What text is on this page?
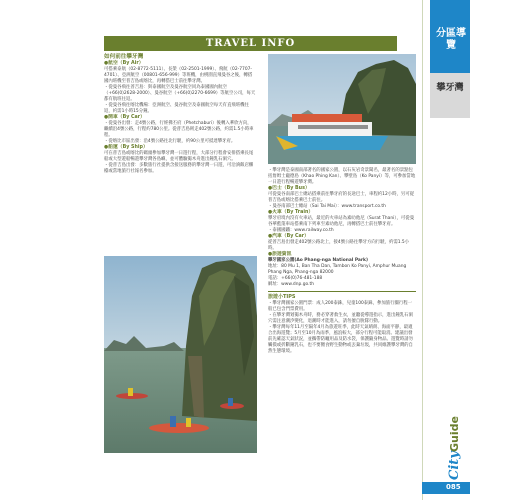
TRAVEL INFO
分區導覽
攀牙灣
如何前往攀牙灣
●航空（By Air）
可搭乘泰航（02-8772-5111）、長榮（02-2501-1999）、飛航（02-7707-4701）、亞洲航空（00801-656-999）等班機，由桃園直飛曼谷之後，轉搭國內班機至普吉島或喀比，再轉搭巴士前往攀牙灣。
・從曼谷飛往普吉島：與泰國航空及曼谷航空同為泰國國內航空（+66(0)2628-2000）、曼谷航空（+66(0)2270-6699）等航空公司，每天都有航班往返。
・從曼谷飛往喀比機場：亞洲航空、曼谷航空及泰國航空每天有直飛班機往返，約需1小時15分鐘。
●開車（By Car）
・從曼谷出發：走4號公路，行經佛丕府（Phetchaburi）後轉入華欣方向，繼續沿4號公路，行程約780公里。從普吉島則走402號公路，約需1.5小時車程。
・從喀比市區出發：沿4號公路往北行駛，約90公里可抵達攀牙府。
●船運（By Ship）
可在普吉島或喀比的碼頭參加攀牙灣一日遊行程，大部分行程會安排搭乘長尾船或大型遊船暢遊攀牙灣各島嶼，並可體驗獨木舟進出鐘乳石洞穴。
・從普吉島出發：多數旅行社提供含接送服務的攀牙灣一日遊，可洽詢飯店櫃檯或當地旅行社報名參加。	・攀牙灣是泰國南部著名的國家公園，以石灰岩奇景聞名，最著名的景點包括詹姆士龐德島（Khao Phing Kan）、攀壁島（Ko Panyi）等，可參加當地一日遊行程暢遊攀牙灣。
●巴士（By Bus）
可從曼谷南部巴士總站搭乘前往攀牙府的長途巴士，車程約12小時，另可從普吉島或喀比搭乘巴士前往。
・曼谷南部巴士總站（Sai Tai Mai）：www.transport.co.th
●火車（By Train）
攀牙府境內沒有火車站，最近的火車站為素叻他尼（Surat Thani），可從曼谷華藍蓬車站搭乘南下列車至素叻他尼，再轉搭巴士前往攀牙府。
・泰國國鐵：www.railway.co.th
●汽車（By Car）
從普吉島出發走402號公路北上，接4號公路往攀牙方向行駛，約需1.5小時。
●旅遊資訊
攀牙國家公園(Ao Phang-nga National Park)
地址：80 Mu 1, Ban Tha Dan, Tambon Ko Panyi, Amphur Muang Phang Nga, Phang-nga 82000
電話：+66(0)76-481-188
網址：www.dnp.go.th
旅遊小TIPS
・攀牙灣國家公園門票：成人200泰銖，兒童100泰銖，參加旅行團行程一般已包含門票費用。
・在攀牙灣划獨木舟時，務必穿著救生衣，並聽從導遊指示，進出鐘乳石洞穴需注意潮汐變化，退潮時才能進入，請勿擅自脫隊行動。
・攀牙灣每年11月至隔年4月為旅遊旺季，此時天氣晴朗、海面平靜，最適合出海遊覽；5月至10月為雨季，風浪較大，部分行程可能取消。建議出發前先確認天氣狀況，並攜帶防曬用品及防水袋，保護隨身物品。遊覽時請勿觸摸或折斷鐘乳石，也不要餵食野生動物或丟棄垃圾，共同維護攀牙灣的自然生態環境。
City
Guide
085
